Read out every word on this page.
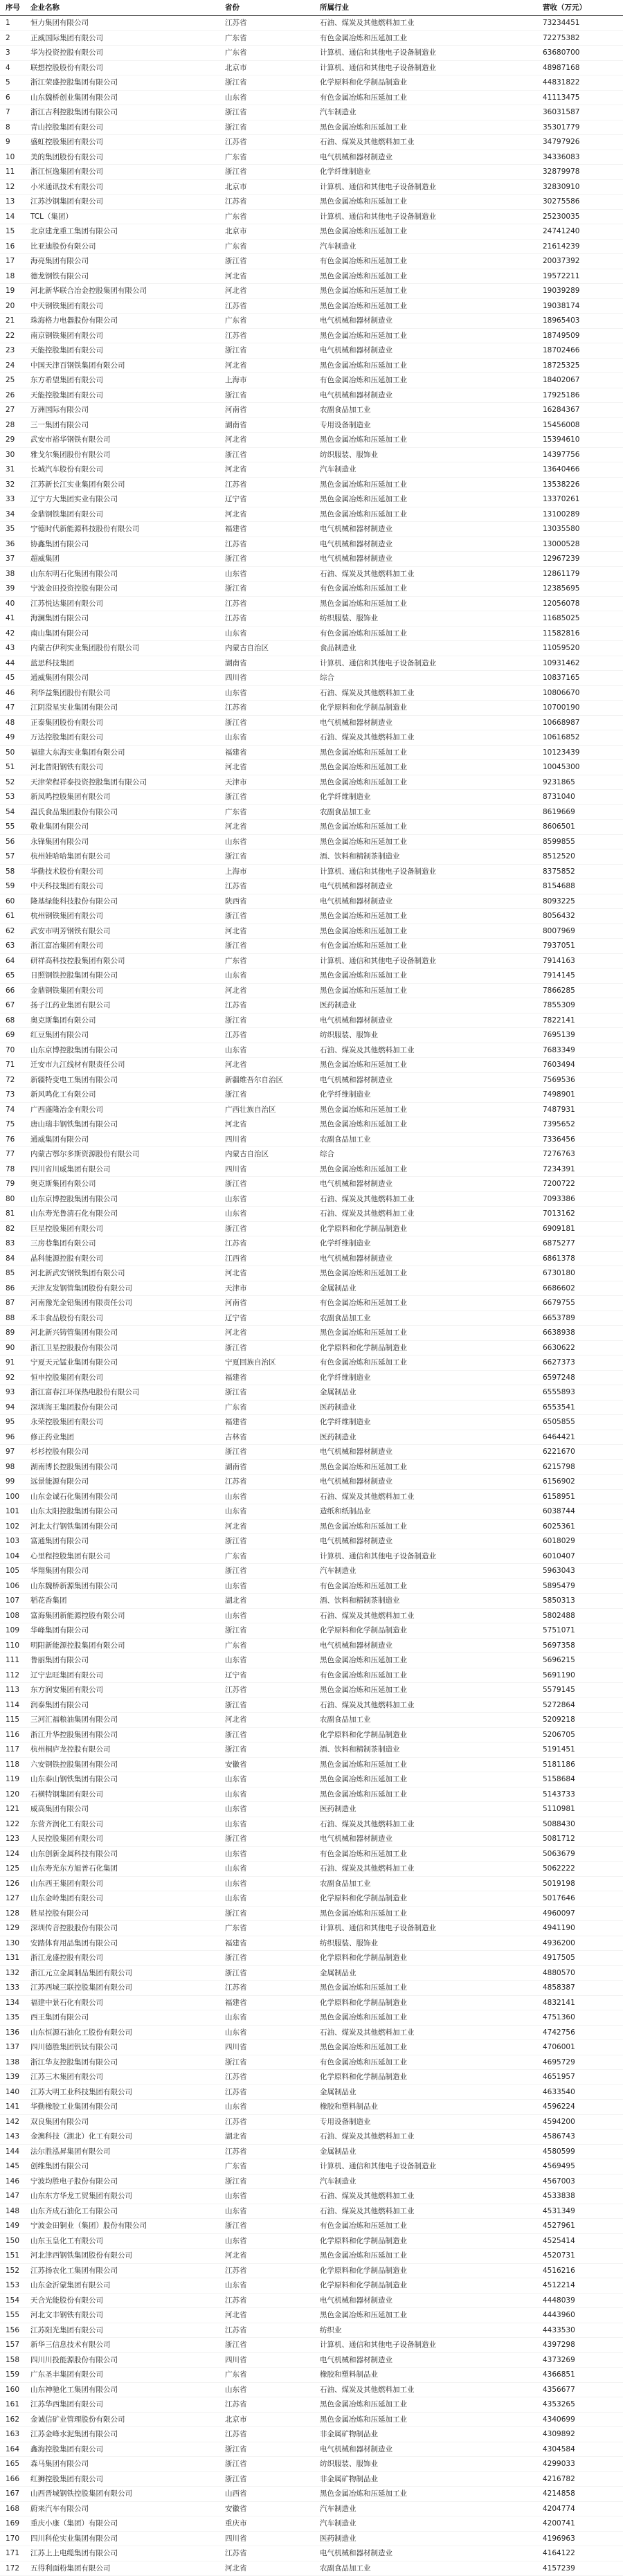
序号	企业名称	省份	所属行业	营收（万元）
1	恒力集团有限公司	江苏省	石油、煤炭及其他燃料加工业	73234451
2	正威国际集团有限公司	广东省	有色金属冶炼和压延加工业	72275382
3	华为投资控股有限公司	广东省	计算机、通信和其他电子设备制造业	63680700
4	联想控股股份有限公司	北京市	计算机、通信和其他电子设备制造业	48987168
5	浙江荣盛控股集团有限公司	浙江省	化学原料和化学制品制造业	44831822
6	山东魏桥创业集团有限公司	山东省	有色金属冶炼和压延加工业	41113475
7	浙江吉利控股集团有限公司	浙江省	汽车制造业	36031587
8	青山控股集团有限公司	浙江省	黑色金属冶炼和压延加工业	35301779
9	盛虹控股集团有限公司	江苏省	石油、煤炭及其他燃料加工业	34797926
10	美的集团股份有限公司	广东省	电气机械和器材制造业	34336083
11	浙江恒逸集团有限公司	浙江省	化学纤维制造业	32879978
12	小米通讯技术有限公司	北京市	计算机、通信和其他电子设备制造业	32830910
13	江苏沙钢集团有限公司	江苏省	黑色金属冶炼和压延加工业	30275586
14	TCL（集团）	广东省	计算机、通信和其他电子设备制造业	25230035
15	北京建龙重工集团有限公司	北京市	黑色金属冶炼和压延加工业	24741240
16	比亚迪股份有限公司	广东省	汽车制造业	21614239
17	海亮集团有限公司	浙江省	有色金属冶炼和压延加工业	20037392
18	德龙钢铁有限公司	河北省	黑色金属冶炼和压延加工业	19572211
19	河北新华联合冶金控股集团有限公司	河北省	黑色金属冶炼和压延加工业	19039289
20	中天钢铁集团有限公司	江苏省	黑色金属冶炼和压延加工业	19038174
21	珠海格力电器股份有限公司	广东省	电气机械和器材制造业	18965403
22	南京钢铁集团有限公司	江苏省	黑色金属冶炼和压延加工业	18749509
23	天能控股集团有限公司	浙江省	电气机械和器材制造业	18702466
24	中国天津百钢铁集团有限公司	河北省	黑色金属冶炼和压延加工业	18725325
25	东方希望集团有限公司	上海市	有色金属冶炼和压延加工业	18402067
26	天能控股集团有限公司	浙江省	电气机械和器材制造业	17925186
27	万洲国际有限公司	河南省	农副食品加工业	16284367
28	三一集团有限公司	湖南省	专用设备制造业	15456008
29	武安市裕华钢铁有限公司	河北省	黑色金属冶炼和压延加工业	15394610
30	雅戈尔集团股份有限公司	浙江省	纺织服装、服饰业	14397756
31	长城汽车股份有限公司	河北省	汽车制造业	13640466
32	江苏新长江实业集团有限公司	江苏省	黑色金属冶炼和压延加工业	13538226
33	辽宁方大集团实业有限公司	辽宁省	黑色金属冶炼和压延加工业	13370261
34	金鼎钢铁集团有限公司	河北省	黑色金属冶炼和压延加工业	13100289
35	宁德时代新能源科技股份有限公司	福建省	电气机械和器材制造业	13035580
36	协鑫集团有限公司	江苏省	电气机械和器材制造业	13000528
37	超威集团	浙江省	电气机械和器材制造业	12967239
38	山东东明石化集团有限公司	山东省	石油、煤炭及其他燃料加工业	12861179
39	宁波金田投资控股有限公司	浙江省	有色金属冶炼和压延加工业	12385695
40	江苏悦达集团有限公司	江苏省	黑色金属冶炼和压延加工业	12056078
41	海澜集团有限公司	江苏省	纺织服装、服饰业	11685025
42	南山集团有限公司	山东省	有色金属冶炼和压延加工业	11582816
43	内蒙古伊利实业集团股份有限公司	内蒙古自治区	食品制造业	11059520
44	蓝思科技集团	湖南省	计算机、通信和其他电子设备制造业	10931462
45	通威集团有限公司	四川省	综合	10837165
46	利华益集团股份有限公司	山东省	石油、煤炭及其他燃料加工业	10806670
47	江阴澄星实业集团有限公司	江苏省	化学原料和化学制品制造业	10700190
48	正泰集团股份有限公司	浙江省	电气机械和器材制造业	10668987
49	万达控股集团有限公司	山东省	石油、煤炭及其他燃料加工业	10616852
50	福建大东海实业集团有限公司	福建省	黑色金属冶炼和压延加工业	10123439
51	河北普阳钢铁有限公司	河北省	黑色金属冶炼和压延加工业	10045300
52	天津荣程祥泰投资控股集团有限公司	天津市	黑色金属冶炼和压延加工业	9231865
53	新凤鸣控股集团有限公司	浙江省	化学纤维制造业	8731040
54	温氏食品集团股份有限公司	广东省	农副食品加工业	8619669
55	敬业集团有限公司	河北省	黑色金属冶炼和压延加工业	8606501
56	永锋集团有限公司	山东省	黑色金属冶炼和压延加工业	8599855
57	杭州娃哈哈集团有限公司	浙江省	酒、饮料和精制茶制造业	8512520
58	华勤技术股份有限公司	上海市	计算机、通信和其他电子设备制造业	8375852
59	中天科技集团有限公司	江苏省	电气机械和器材制造业	8154688
60	隆基绿能科技股份有限公司	陕西省	电气机械和器材制造业	8093225
61	杭州钢铁集团有限公司	浙江省	黑色金属冶炼和压延加工业	8056432
62	武安市明芳钢铁有限公司	河北省	黑色金属冶炼和压延加工业	8007969
63	浙江富冶集团有限公司	浙江省	有色金属冶炼和压延加工业	7937051
64	研祥高科技控股集团有限公司	广东省	计算机、通信和其他电子设备制造业	7914163
65	日照钢铁控股集团有限公司	山东省	黑色金属冶炼和压延加工业	7914145
66	金鼎钢铁集团有限公司	河北省	黑色金属冶炼和压延加工业	7866285
67	扬子江药业集团有限公司	江苏省	医药制造业	7855309
68	奥克斯集团有限公司	浙江省	电气机械和器材制造业	7822141
69	红豆集团有限公司	江苏省	纺织服装、服饰业	7695139
70	山东京博控股集团有限公司	山东省	石油、煤炭及其他燃料加工业	7683349
71	迁安市九江线材有限责任公司	河北省	黑色金属冶炼和压延加工业	7603494
72	新疆特变电工集团有限公司	新疆维吾尔自治区	电气机械和器材制造业	7569536
73	新风鸣化工有限公司	浙江省	化学纤维制造业	7498901
74	广西盛隆冶金有限公司	广西壮族自治区	黑色金属冶炼和压延加工业	7487931
75	唐山瑞丰钢铁集团有限公司	河北省	黑色金属冶炼和压延加工业	7395652
76	通威集团有限公司	四川省	农副食品加工业	7336456
77	内蒙古鄂尔多斯资源股份有限公司	内蒙古自治区	综合	7276763
78	四川省川威集团有限公司	四川省	黑色金属冶炼和压延加工业	7234391
79	奥克斯集团有限公司	浙江省	电气机械和器材制造业	7200722
80	山东京博控股集团有限公司	山东省	石油、煤炭及其他燃料加工业	7093386
81	山东寿光鲁清石化有限公司	山东省	石油、煤炭及其他燃料加工业	7013162
82	巨星控股集团有限公司	浙江省	化学原料和化学制品制造业	6909181
83	三房巷集团有限公司	江苏省	化学纤维制造业	6875277
84	晶科能源控股有限公司	江西省	电气机械和器材制造业	6861378
85	河北新武安钢铁集团有限公司	河北省	黑色金属冶炼和压延加工业	6730180
86	天津友发钢管集团股份有限公司	天津市	金属制品业	6686602
87	河南豫光金铅集团有限责任公司	河南省	有色金属冶炼和压延加工业	6679755
88	禾丰食品股份有限公司	辽宁省	农副食品加工业	6653789
89	河北新兴铸管集团有限公司	河北省	黑色金属冶炼和压延加工业	6638938
90	浙江卫星控股股份有限公司	浙江省	化学原料和化学制品制造业	6630622
91	宁夏天元锰业集团有限公司	宁夏回族自治区	有色金属冶炼和压延加工业	6627373
92	恒申控股集团有限公司	福建省	化学纤维制造业	6597248
93	浙江富春江环保热电股份有限公司	浙江省	金属制品业	6555893
94	深圳海王集团股份有限公司	广东省	医药制造业	6553541
95	永荣控股集团有限公司	福建省	化学纤维制造业	6505855
96	修正药业集团	吉林省	医药制造业	6464421
97	杉杉控股有限公司	浙江省	电气机械和器材制造业	6221670
98	湖南博长控股集团有限公司	湖南省	黑色金属冶炼和压延加工业	6215798
99	远景能源有限公司	江苏省	电气机械和器材制造业	6156902
100	山东金诚石化集团有限公司	山东省	石油、煤炭及其他燃料加工业	6158951
101	山东太阳控股集团有限公司	山东省	造纸和纸制品业	6038744
102	河北太行钢铁集团有限公司	河北省	黑色金属冶炼和压延加工业	6025361
103	富通集团有限公司	浙江省	电气机械和器材制造业	6018029
104	心里程控股集团有限公司	广东省	计算机、通信和其他电子设备制造业	6010407
105	华翔集团有限公司	浙江省	汽车制造业	5963043
106	山东魏桥新源集团有限公司	山东省	有色金属冶炼和压延加工业	5895479
107	稻花香集团	湖北省	酒、饮料和精制茶制造业	5850313
108	富海集团新能源控股有限公司	山东省	石油、煤炭及其他燃料加工业	5802488
109	华峰集团有限公司	浙江省	化学原料和化学制品制造业	5751071
110	明阳新能源控股集团有限公司	广东省	电气机械和器材制造业	5697358
111	鲁丽集团有限公司	山东省	黑色金属冶炼和压延加工业	5696215
112	辽宁忠旺集团有限公司	辽宁省	有色金属冶炼和压延加工业	5691190
113	东方润安集团有限公司	江苏省	黑色金属冶炼和压延加工业	5579145
114	润泰集团有限公司	浙江省	石油、煤炭及其他燃料加工业	5272864
115	三河汇福粮油集团有限公司	河北省	农副食品加工业	5209218
116	浙江升华控股集团有限公司	浙江省	化学原料和化学制品制造业	5206705
117	杭州桐庐龙控股有限公司	浙江省	酒、饮料和精制茶制造业	5191451
118	六安钢铁控股集团有限公司	安徽省	黑色金属冶炼和压延加工业	5181186
119	山东泰山钢铁集团有限公司	山东省	黑色金属冶炼和压延加工业	5158684
120	石横特钢集团有限公司	山东省	黑色金属冶炼和压延加工业	5143733
121	威高集团有限公司	山东省	医药制造业	5110981
122	东营齐润化工有限公司	山东省	石油、煤炭及其他燃料加工业	5088430
123	人民控股集团有限公司	浙江省	电气机械和器材制造业	5081712
124	山东创新金属科技有限公司	山东省	有色金属冶炼和压延加工业	5063679
125	山东寿光东方旭普石化集团	山东省	石油、煤炭及其他燃料加工业	5062222
126	山东西王集团有限公司	山东省	农副食品加工业	5019198
127	山东金岭集团有限公司	山东省	化学原料和化学制品制造业	5017646
128	胜星控股有限公司	浙江省	黑色金属冶炼和压延加工业	4960097
129	深圳传音控股股份有限公司	广东省	计算机、通信和其他电子设备制造业	4941190
130	安踏体育用品集团有限公司	福建省	纺织服装、服饰业	4936200
131	浙江龙盛控股有限公司	浙江省	化学原料和化学制品制造业	4917505
132	浙江元立金属制品集团有限公司	浙江省	金属制品业	4880570
133	江苏西城三联控股集团有限公司	江苏省	黑色金属冶炼和压延加工业	4858387
134	福建中景石化有限公司	福建省	化学原料和化学制品制造业	4832141
135	西王集团有限公司	山东省	黑色金属冶炼和压延加工业	4751360
136	山东恒源石油化工股份有限公司	山东省	石油、煤炭及其他燃料加工业	4742756
137	四川德胜集团钒钛有限公司	四川省	黑色金属冶炼和压延加工业	4706001
138	浙江华友控股集团有限公司	浙江省	有色金属冶炼和压延加工业	4695729
139	江苏三木集团有限公司	江苏省	化学原料和化学制品制造业	4651957
140	江苏大明工业科技集团有限公司	江苏省	金属制品业	4633540
141	华勤橡胶工业集团有限公司	山东省	橡胶和塑料制品业	4596224
142	双良集团有限公司	江苏省	专用设备制造业	4594200
143	金澳科技（湖北）化工有限公司	湖北省	石油、煤炭及其他燃料加工业	4586743
144	法尔胜泓昇集团有限公司	江苏省	金属制品业	4580599
145	创维集团有限公司	广东省	计算机、通信和其他电子设备制造业	4569495
146	宁波均胜电子股份有限公司	浙江省	汽车制造业	4567003
147	山东东方华龙工贸集团有限公司	山东省	石油、煤炭及其他燃料加工业	4533838
148	山东齐成石油化工有限公司	山东省	石油、煤炭及其他燃料加工业	4531349
149	宁波金田铜业（集团）股份有限公司	浙江省	有色金属冶炼和压延加工业	4527961
150	山东玉皇化工有限公司	山东省	化学原料和化学制品制造业	4525414
151	河北津西钢铁集团股份有限公司	河北省	黑色金属冶炼和压延加工业	4520731
152	江苏扬农化工集团有限公司	江苏省	化学原料和化学制品制造业	4516216
153	山东金沂蒙集团有限公司	山东省	化学原料和化学制品制造业	4512214
154	天合光能股份有限公司	江苏省	电气机械和器材制造业	4448039
155	河北文丰钢铁有限公司	河北省	黑色金属冶炼和压延加工业	4443960
156	江苏阳光集团有限公司	江苏省	纺织业	4433530
157	新华三信息技术有限公司	浙江省	计算机、通信和其他电子设备制造业	4397298
158	四川川投能源股份有限公司	四川省	电气机械和器材制造业	4373269
159	广东圣丰集团有限公司	广东省	橡胶和塑料制品业	4366851
160	山东神驰化工集团有限公司	山东省	石油、煤炭及其他燃料加工业	4356677
161	江苏华西集团有限公司	江苏省	黑色金属冶炼和压延加工业	4353265
162	金诚信矿业管理股份有限公司	北京市	黑色金属冶炼和压延加工业	4340699
163	江苏金峰水泥集团有限公司	江苏省	非金属矿物制品业	4309892
164	鑫海控股集团有限公司	浙江省	电气机械和器材制造业	4304584
165	森马集团有限公司	浙江省	纺织服装、服饰业	4299033
166	红狮控股集团有限公司	浙江省	非金属矿物制品业	4216782
167	山西晋城钢铁控股集团有限公司	山西省	黑色金属冶炼和压延加工业	4214858
168	蔚来汽车有限公司	安徽省	汽车制造业	4204774
169	重庆小康（集团）有限公司	重庆市	汽车制造业	4200741
170	四川科伦实业集团有限公司	四川省	医药制造业	4196963
171	江苏上上电缆集团有限公司	江苏省	电气机械和器材制造业	4164122
172	五得利面粉集团有限公司	河北省	农副食品加工业	4157239
